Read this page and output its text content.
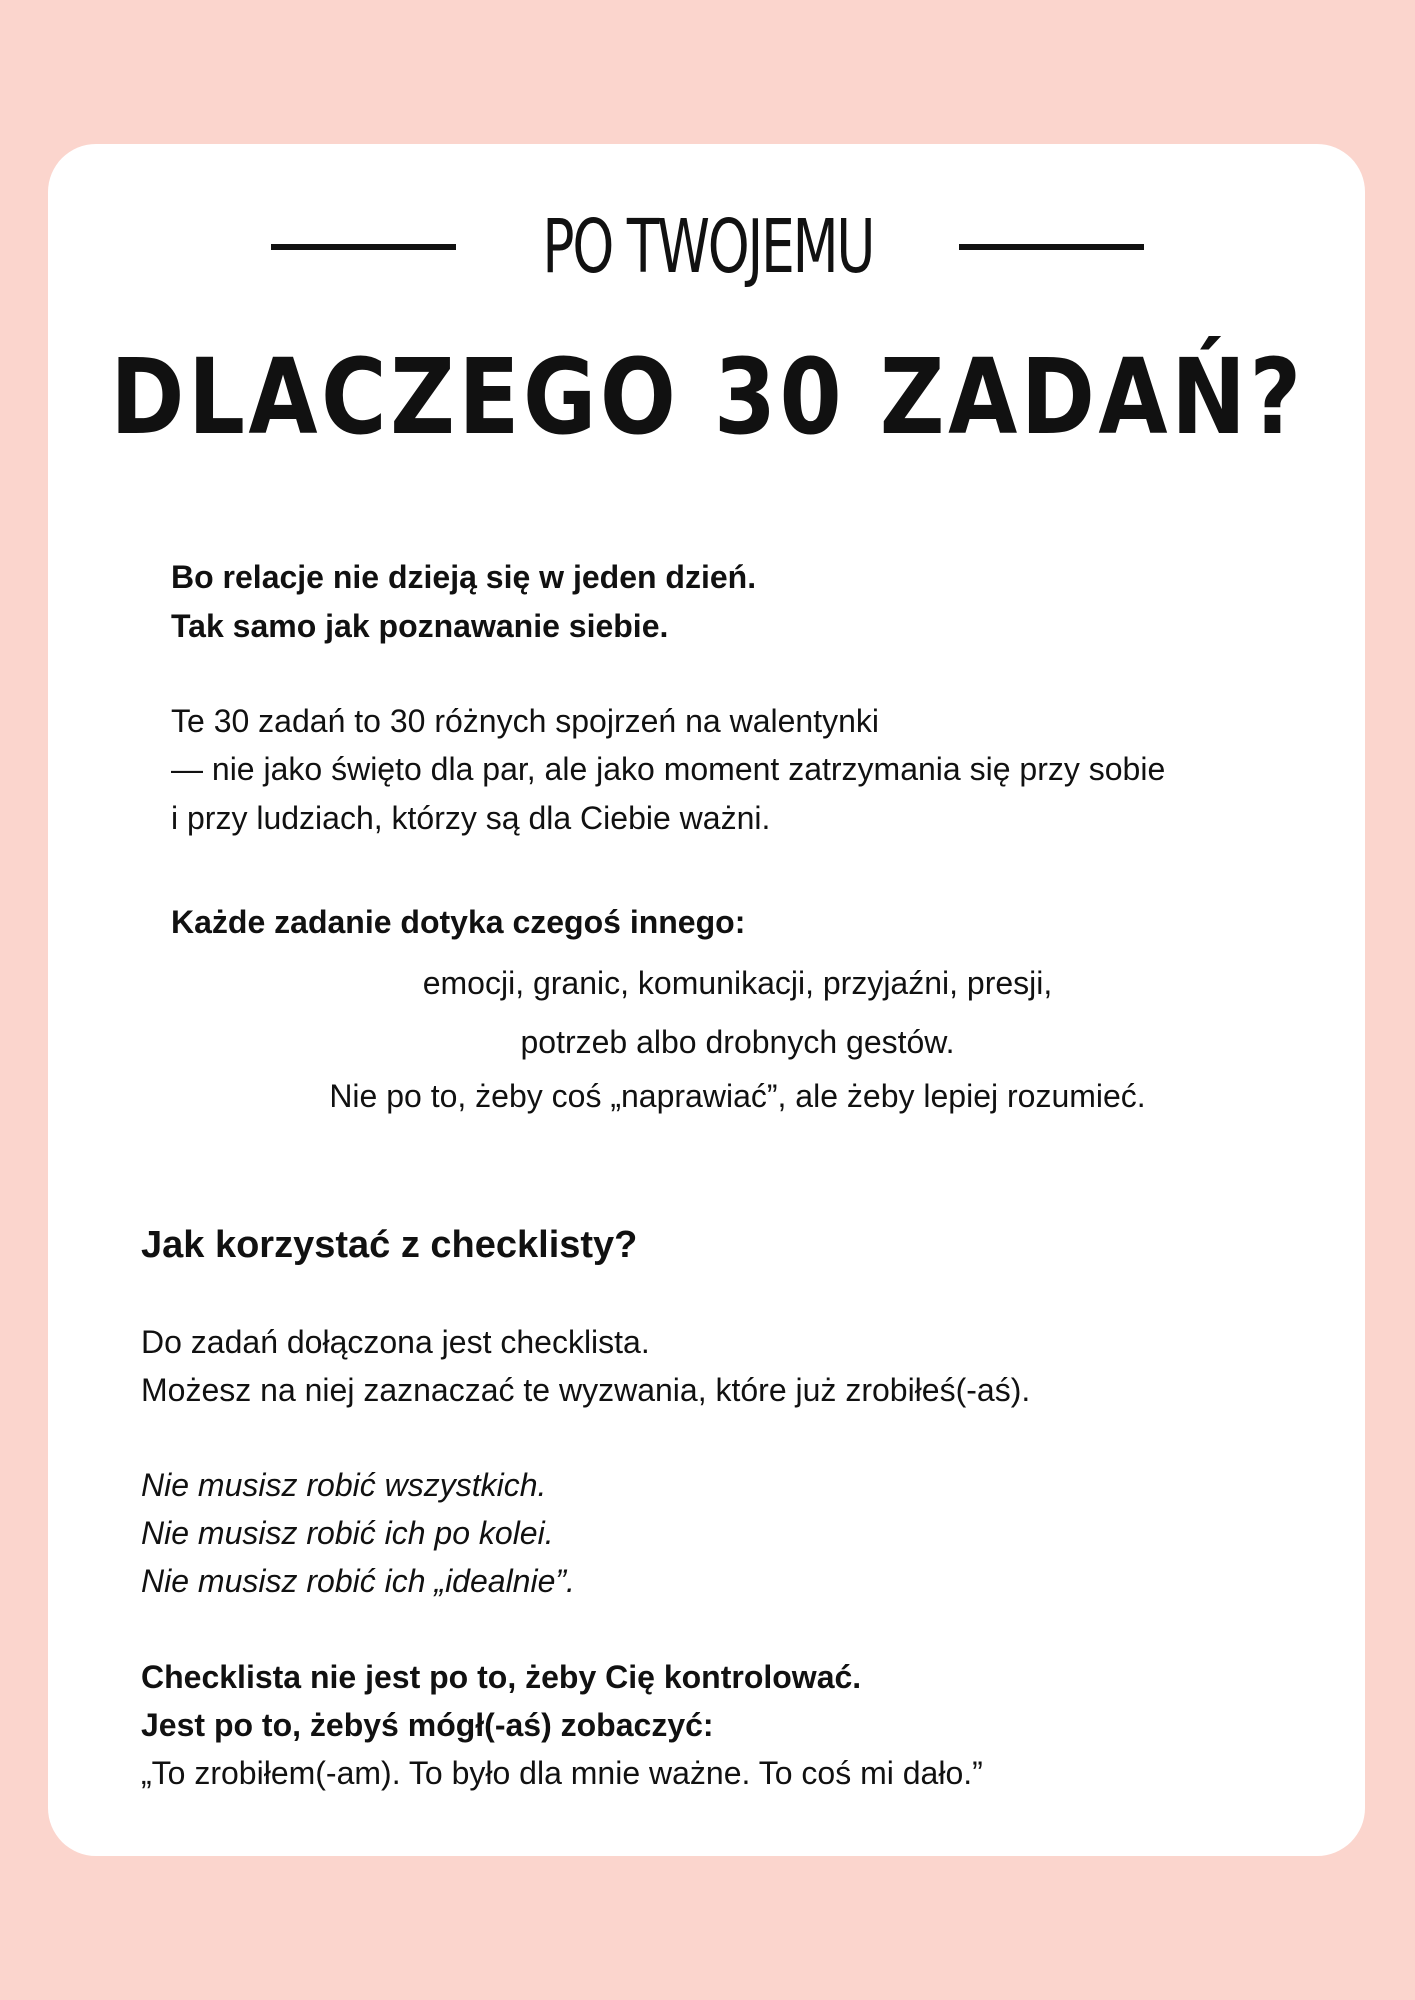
PO TWOJEMU
DLACZEGO 30 ZADAŃ?
Bo relacje nie dzieją się w jeden dzień.
Tak samo jak poznawanie siebie.
Te 30 zadań to 30 różnych spojrzeń na walentynki
— nie jako święto dla par, ale jako moment zatrzymania się przy sobie
i przy ludziach, którzy są dla Ciebie ważni.
Każde zadanie dotyka czegoś innego:
emocji, granic, komunikacji, przyjaźni, presji,
potrzeb albo drobnych gestów.
Nie po to, żeby coś „naprawiać”, ale żeby lepiej rozumieć.
Jak korzystać z checklisty?
Do zadań dołączona jest checklista.
Możesz na niej zaznaczać te wyzwania, które już zrobiłeś(-aś).
Nie musisz robić wszystkich.
Nie musisz robić ich po kolei.
Nie musisz robić ich „idealnie”.
Checklista nie jest po to, żeby Cię kontrolować.
Jest po to, żebyś mógł(-aś) zobaczyć:
„To zrobiłem(-am). To było dla mnie ważne. To coś mi dało.”
